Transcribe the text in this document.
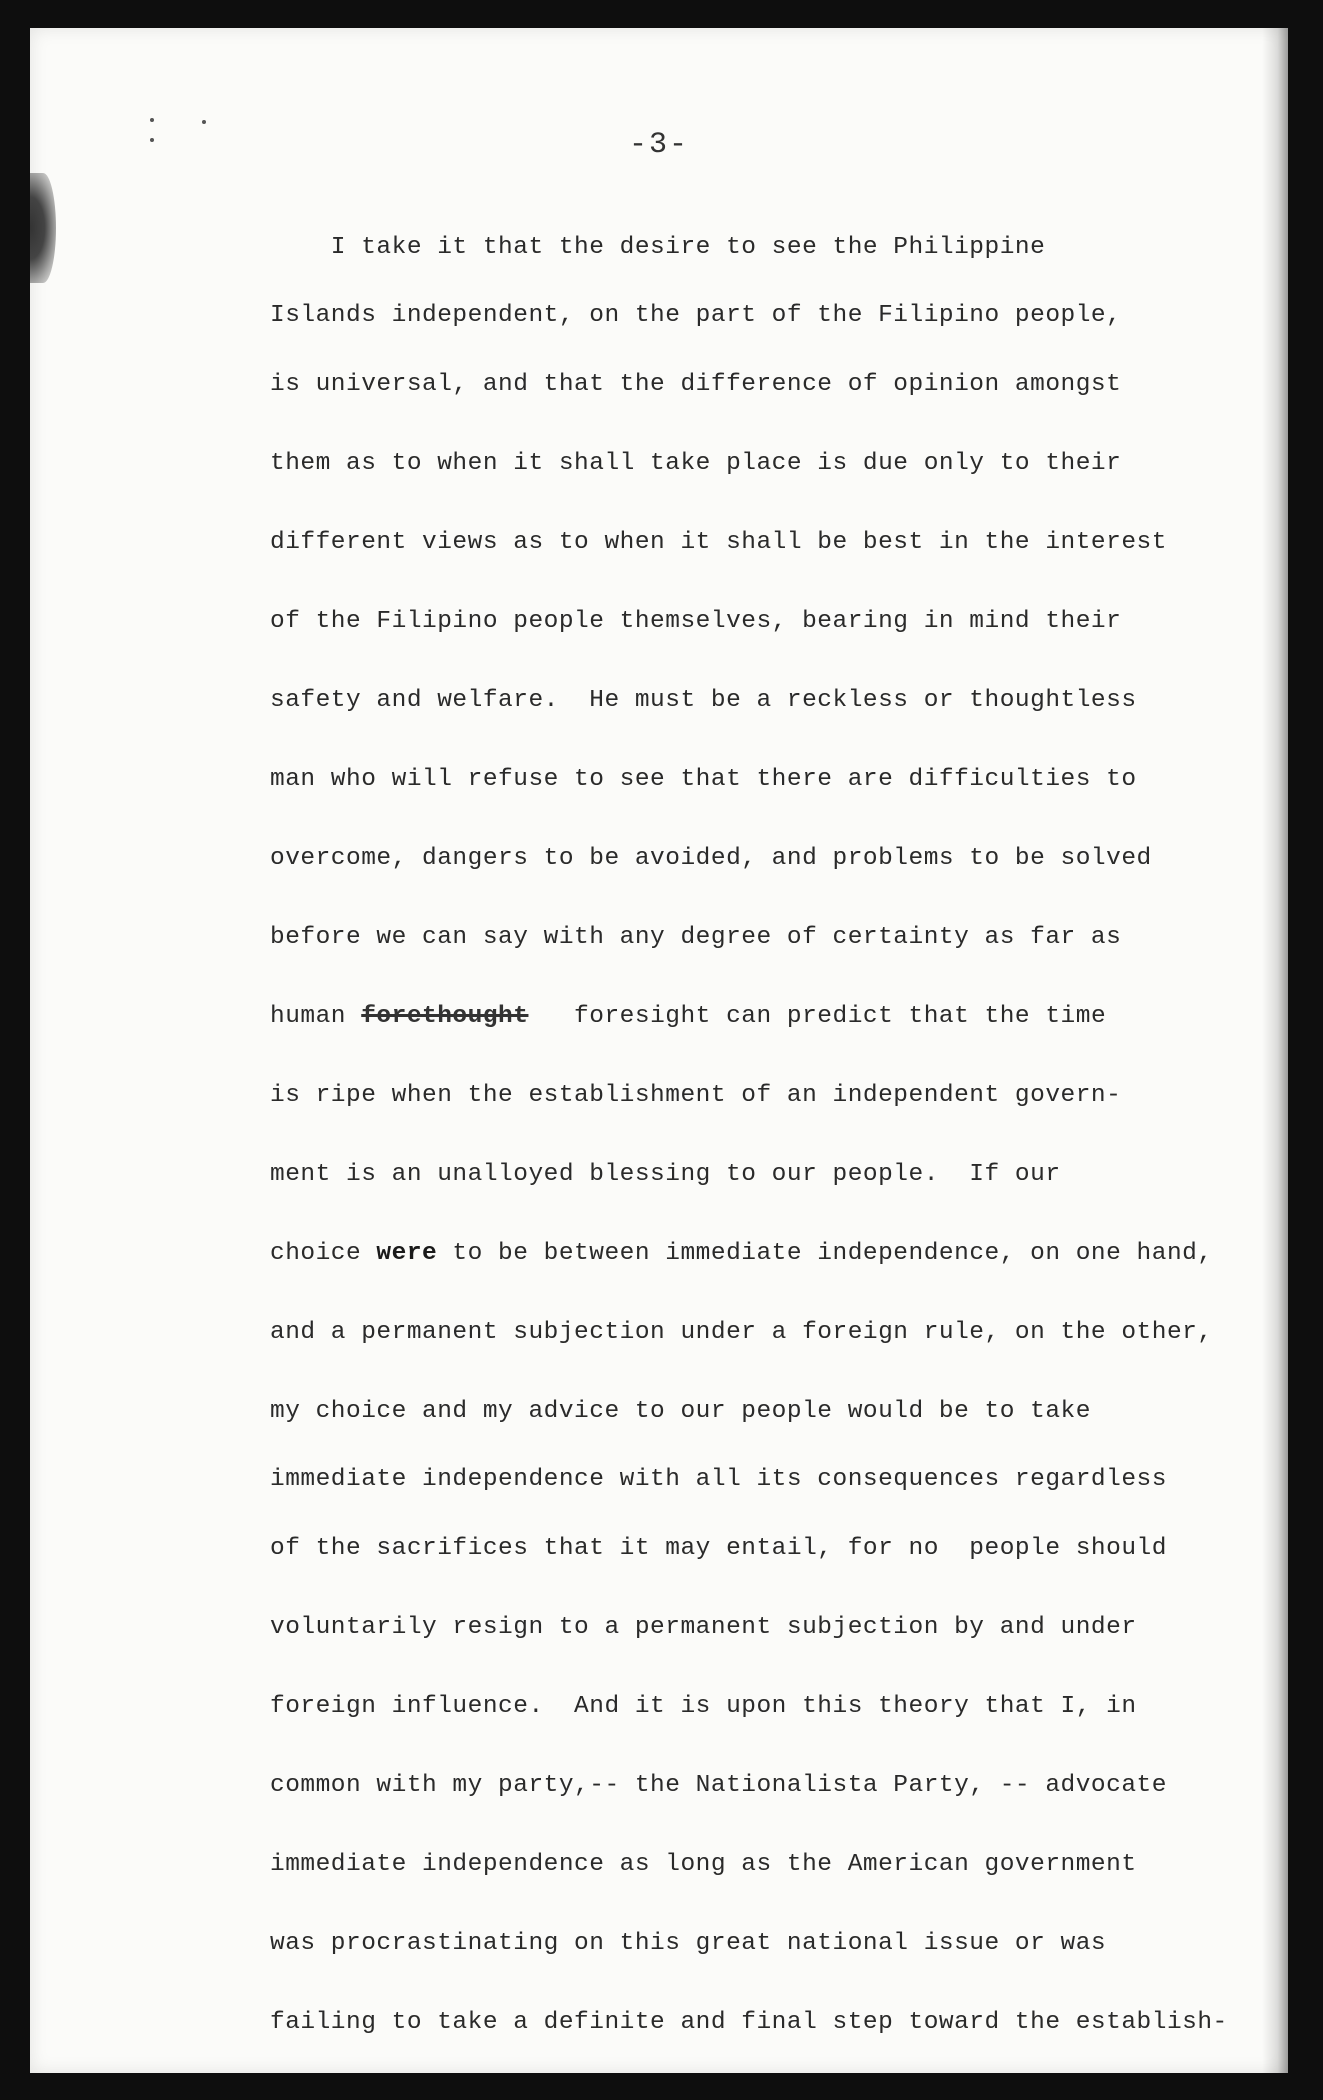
-3-
I take it that the desire to see the Philippine
Islands independent, on the part of the Filipino people,
is universal, and that the difference of opinion amongst
them as to when it shall take place is due only to their
different views as to when it shall be best in the interest
of the Filipino people themselves, bearing in mind their
safety and welfare.  He must be a reckless or thoughtless
man who will refuse to see that there are difficulties to
overcome, dangers to be avoided, and problems to be solved
before we can say with any degree of certainty as far as
human forethought   foresight can predict that the time
is ripe when the establishment of an independent govern-
ment is an unalloyed blessing to our people.  If our
choice were to be between immediate independence, on one hand,
and a permanent subjection under a foreign rule, on the other,
my choice and my advice to our people would be to take
immediate independence with all its consequences regardless
of the sacrifices that it may entail, for no  people should
voluntarily resign to a permanent subjection by and under
foreign influence.  And it is upon this theory that I, in
common with my party,-- the Nationalista Party, -- advocate
immediate independence as long as the American government
was procrastinating on this great national issue or was
failing to take a definite and final step toward the establish-
